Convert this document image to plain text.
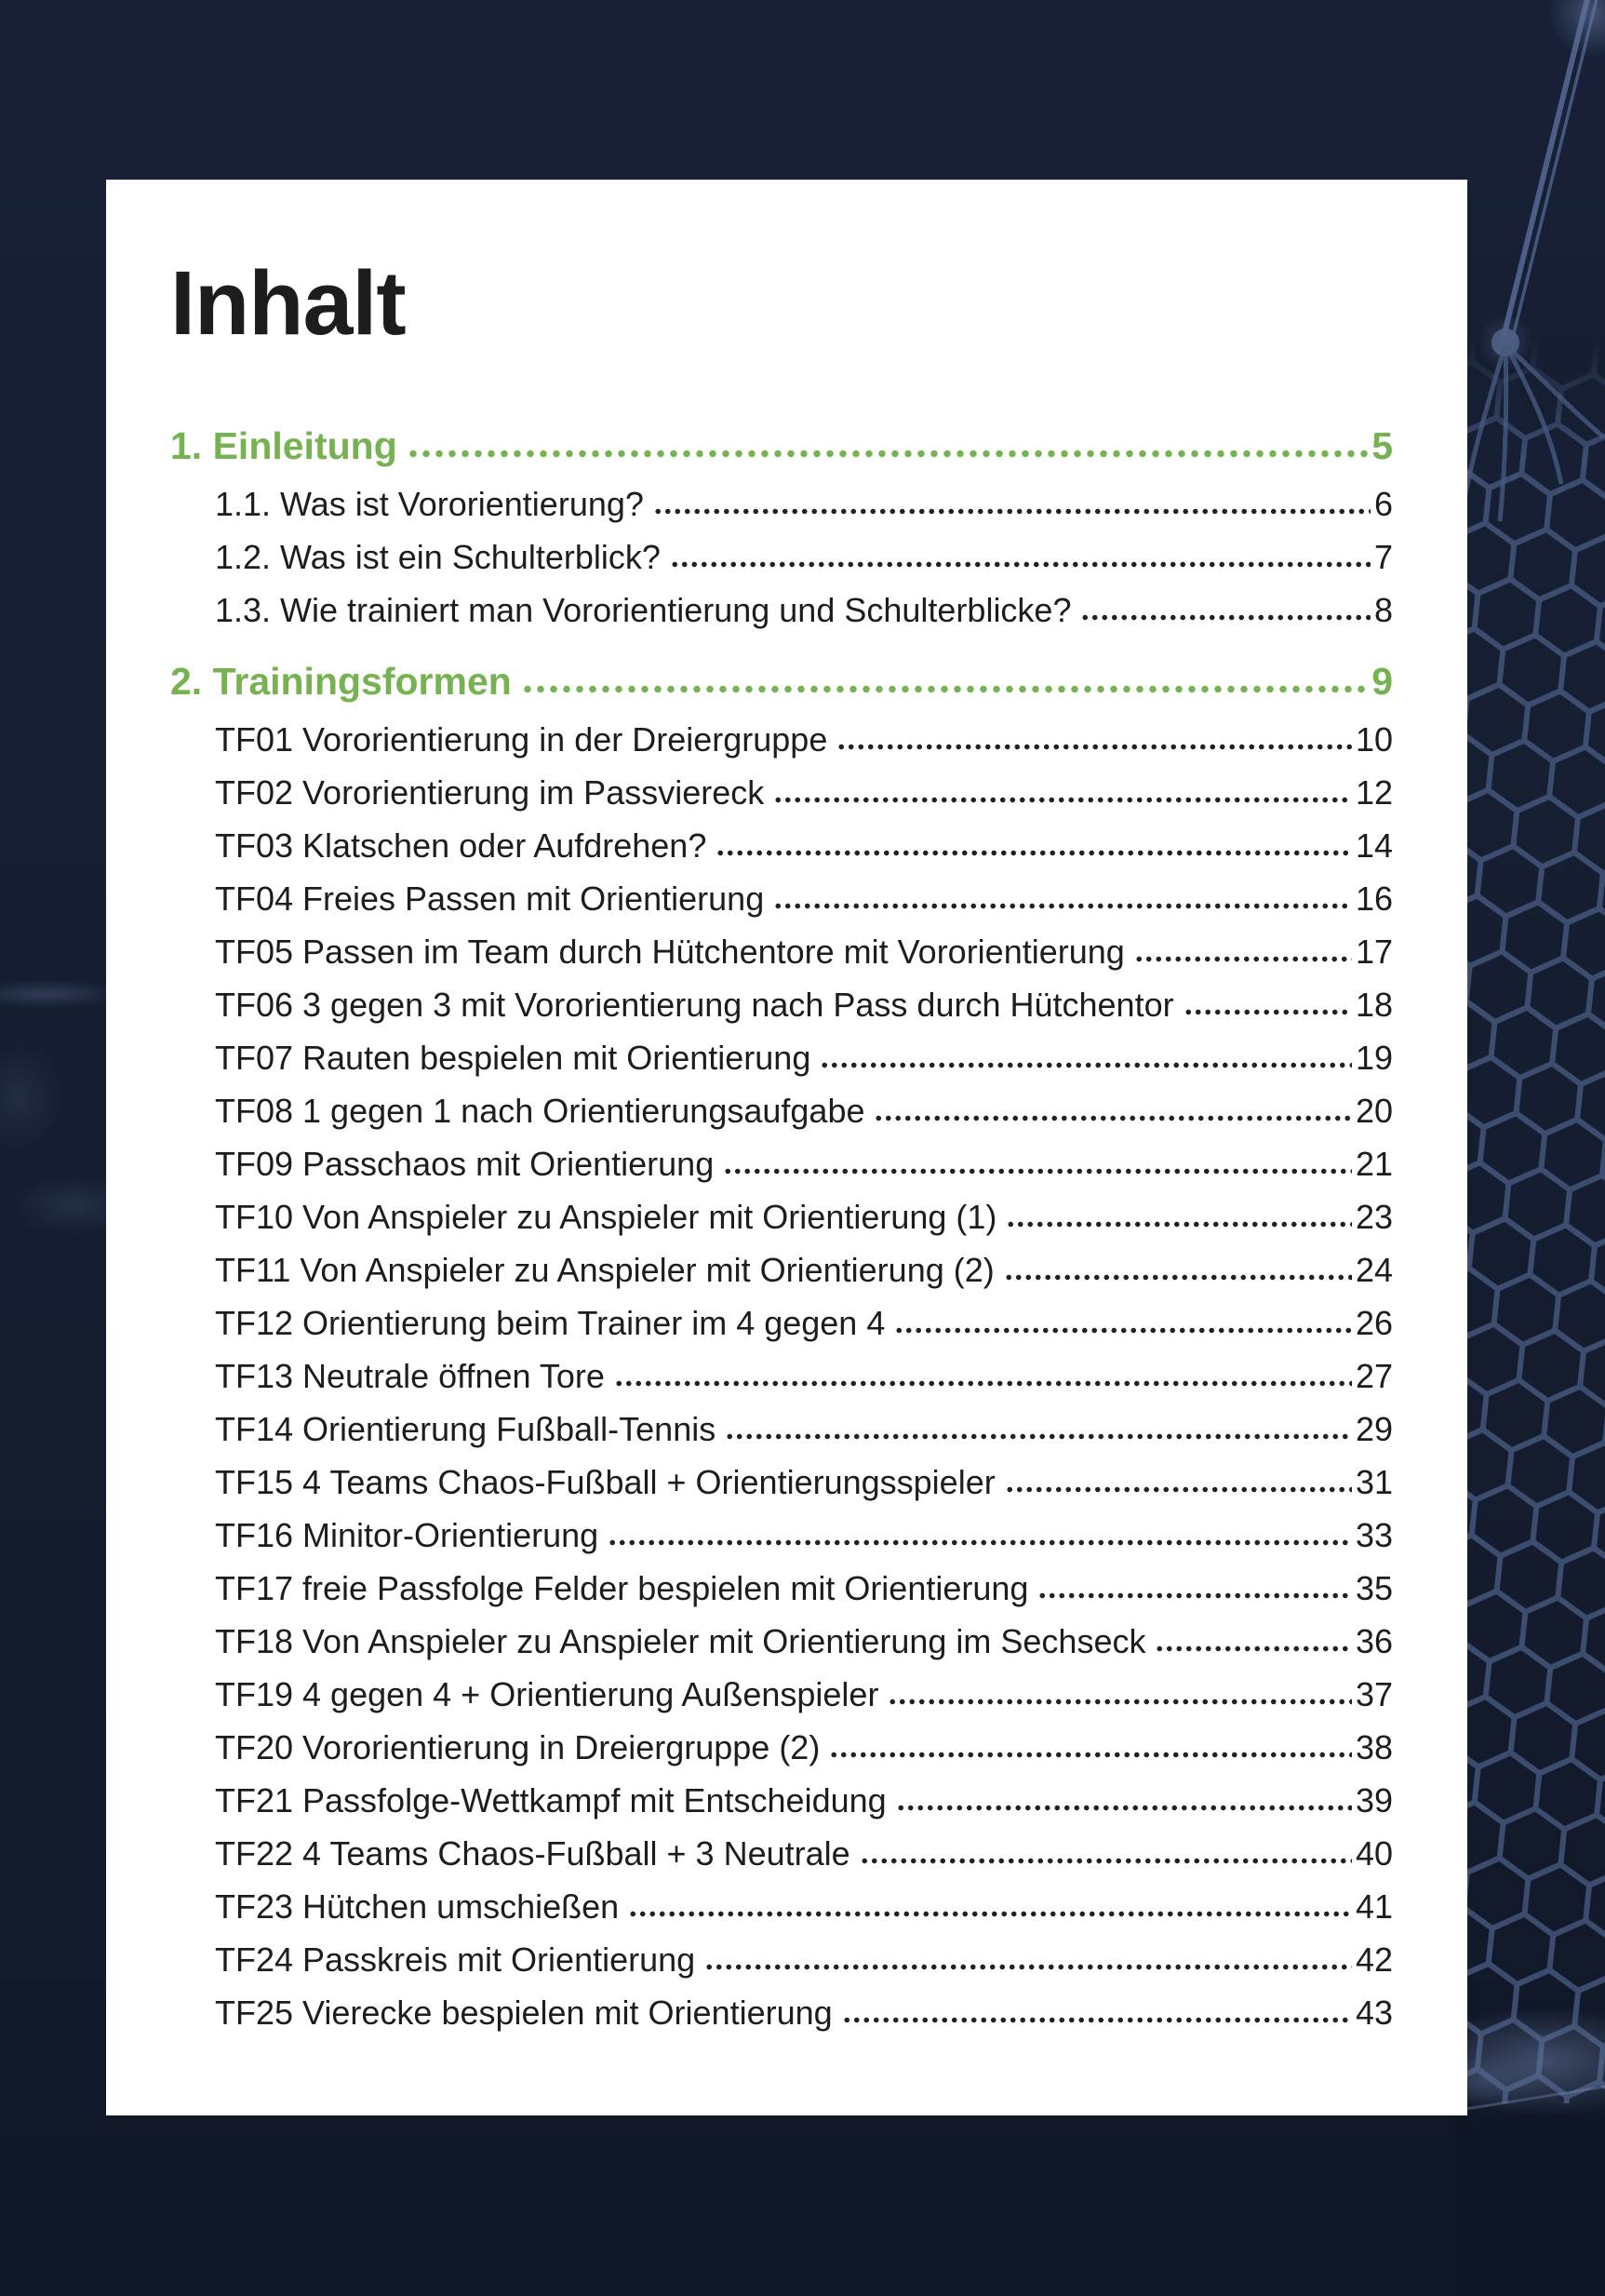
Inhalt
1. Einleitung	5
1.1. Was ist Vororientierung?	6
1.2. Was ist ein Schulterblick?	7
1.3. Wie trainiert man Vororientierung und Schulterblicke?	8
2. Trainingsformen	9
TF01 Vororientierung in der Dreiergruppe	10
TF02 Vororientierung im Passviereck	12
TF03 Klatschen oder Aufdrehen?	14
TF04 Freies Passen mit Orientierung	16
TF05 Passen im Team durch Hütchentore mit Vororientierung	17
TF06 3 gegen 3 mit Vororientierung nach Pass durch Hütchentor	18
TF07 Rauten bespielen mit Orientierung	19
TF08 1 gegen 1 nach Orientierungsaufgabe	20
TF09 Passchaos mit Orientierung	21
TF10 Von Anspieler zu Anspieler mit Orientierung (1)	23
TF11 Von Anspieler zu Anspieler mit Orientierung (2)	24
TF12 Orientierung beim Trainer im 4 gegen 4	26
TF13 Neutrale öffnen Tore	27
TF14 Orientierung Fußball-Tennis	29
TF15 4 Teams Chaos-Fußball + Orientierungsspieler	31
TF16 Minitor-Orientierung	33
TF17 freie Passfolge Felder bespielen mit Orientierung	35
TF18 Von Anspieler zu Anspieler mit Orientierung im Sechseck	36
TF19 4 gegen 4 + Orientierung Außenspieler	37
TF20 Vororientierung in Dreiergruppe (2)	38
TF21 Passfolge-Wettkampf mit Entscheidung	39
TF22 4 Teams Chaos-Fußball + 3 Neutrale	40
TF23 Hütchen umschießen	41
TF24 Passkreis mit Orientierung	42
TF25 Vierecke bespielen mit Orientierung	43
